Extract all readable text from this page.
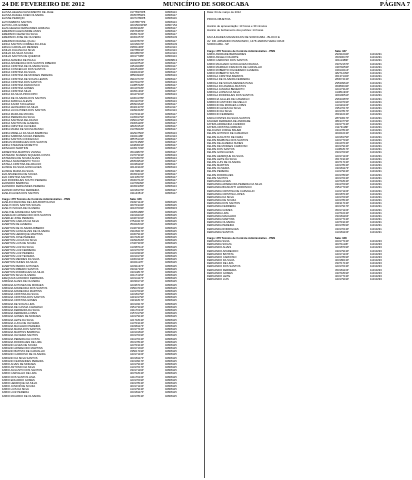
24 DE FEVEREIRO DE 2012	MUNICÍPIO DE SOROCABA	PÁGINA 7
ELISSA HELENA NASCIMENTO DE JAGE	31778376P8	02808113
ELISSA RAFAEL KOEN OLIVEIRA	45357859P4	02808117
ELISSE PEDRQIO	40374780P8	02808119
ELTONABRITA SANTOS	41678577P9	02808113
ELTON LUIS GOMES	46315003P3P	02807154
ELZA HELENA FERNANDES ADRIANA	46451918P	02808117
EMERSON ALEXANDRE ASSIS	33676387P	02808117
EMERSON CEZAR DA SILVA	45351710P	02808117
EMERSON JOSE DE OLIVEIRA	40301057P	02808133
EMERSON RAFAEL QUALI	42347837P	02808117
ERICA SANTOS CORREA ZULIOLE	42316647P	02808133
EMILIA CARVALHO MENDES	33651138P	02813113
ENILVA JULIANA DA SILVA	43378519P	02813113
ENILVA DA SILVA SOUZA	46318576P	02813113
ENILVA SANTOS DE QUEIROZ	46017738P	02809113
ERICA AMANDA DE PAULA	33493157P	02808813
ERICA APARECIDA DOS SANTOS RIBEIRO	42319751P	02808117
ERICA CRISTINA DE OLIVEIRA SILVA	43519238P	02809117
ERICA CONCEICAO DOS SANTOS	40105106P	02810117
ERICA CRISTINA DA SILVA	43401019P	02808117
ERICA CRISTINA DE MORAES PEREIRA	38504940P	02808113
ERICA CRISTINA DE SOUZA LEMOS	39103747P	02808117
ERICA CRISTINA DOS SANTOS	40379137P	02808113
ERICA CRISTINA FRANCISCO	41385718P	02808117
ERICA CRISTINA GOMES	40419718P	02808117
ERICA CRISTINA SILVA	40351139P	02808117
ERICA DA SILVA PROCOPIO	40447331P	02808113
ERICA DE OLIVEIRA DOS SANTOS	42304178P	02808113
ERICA FABIOLA ALEVIN	45311079P	02808113
ERICA KAORI TAKAHASHI	28393164P	02808117
ERICA LEONARDO DA SILVA	30401337P	02813117
ERICA LUCIA PIRES DOS SANTOS	43391618P	02813113
ERICA MARA DE MOURA	31371913P	02808117
ERICA PEREIRA DA SILVA	41459179P	02813117
ERICA SANTANA FELICIANO	33504179P	02808113
ERICA SANTOS DE ALMEIDA	33306118P	02808117
ERIKA CRISTINA OLIVEIRA	48183151P	02808117
ERIKA MARIA DE SOUSA BASSO	31378218P	02808117
ERIKA MIRELLA DA SILVA BARBOSA	40294750P	02808113
ERIKA SABRINA SOUZA PEREIRA	43321118P	02813113
ERIKA SANTOS CONCEICAO	38575131P	02808117
ERIKAS RODRIGUES DOS SANTOS	40371358P	02808117
ERIKA STEFANIE MORETTO	42483019P	02808117
ERIVALDO MARTINS	42451733P	02808117
ERNESTINA MARTINS VIANNA	45419837P	02808117
ESTEFANI SOARES SIQUEIRA COSTA	31707319P	02808113
ESTEFANIA DE SOUZA ALVES	31704537P	02808113
ESTELA NASCIMENTO TUCCI	28354951P	02808117
ESTELA CRISTINA DE ARAUJO	32438119P	02808117
EUNICE DA SILVA GONCALVES	46141916P	02808113
EUNICE MARIA DA SILVA	43179813P	02808117
EVA APARECIDA DE SOUZA	30451931P	02808117
EVA CRISTINA SANTOS	42133537P	02808117
EVA RODRIGUES SOUTO PEREIRA	45303712P	02808117
EVANDRO BARBOSA	41370939P	02808117
EVANDRO FERNANDES PEREIRA	40451935P	02808113
EVANIR CRISTINA FERREIRA	42318137P	02808117
EVELIN ALVES DOS SANTOS	43114351P	02808117
Cargo: 376 Técnico de Controle Administrativo - PMS	Sala: 346
EVELIN FRANCINE DE LIMA BORTOLOSO	33497114P	02808115
EVELYN DOS SANTOS SOUZA	46371934P	02808115
EVELYN SOUZA DE OLIVEIRA	40167003P	02808315
EVELYNE APARECIDA SANTOS	43356188P	02808115
EVERALDO APARECIDO DOS SANTOS	43319431P	02808115
EVERLEI JOSE PEREIRA	42467431P	02808115
EVERTON CARLOS DA SILVA	37543417P	02808115
EVERTON DE ALMEIDA	35321831P	02808115
EVERTON DE OLIVEIRA RIBEIRO	31467319P	02808115
EVERTON GONCALVES DE OLIVEIRA	33108417P	02808115
EVERTON HENRIQUE MARTINS	32307913P	02808115
EVERTON JOSE PEREIRA	40471813P	02808115
EVERTON LUCAS DA SILVA	43391818P	02808115
EVERTON LUIS DE SOUZA	47467315P	02808115
EVERTON LUIZ DA SILVA	41338711P	02808115
EVERTON LUIZ FERREIRA	42317037P	02808115
EVERTON LUIZ PEREIRA	41310319P	02808115
EVERTON LUIZ TEIXEIRA	32310173P	02808115
EVERTON MENDES DA SILVA	44303113P	02808115
EVERTON NUNES DA SILVA	40321117P	02808115
EVERTON PEDRO ANTUNES	42331137P	02808115
EVERTON RIBEIRO SANTOS	33311719P	02808115
EVERTON RODRIGUES DA SILVA	43314817P	02808115
EVERTON SILVA OLIVEIRA	32117415P	02808115
EZEQUIAS HONORIO FERREIRA	42314117P	02808115
FABIANA ALVES DE OLIVEIRA	40339171P	02808115
FABIANA ANTUNES DE MORAES	42436713P	02808115
FABIANA APARECIDA DOS SANTOS	33504719P	02808115
FABIANA APARECIDA MARTINS	41317019P	02808115
FABIANA CRISTINA DA SILVA	44318179P	02808115
FABIANA CRISTINA DOS SANTOS	44193179P	02808115
FABIANA CRISTINA GOMES	43191817P	02808115
FABIANA DE SOUZA LIMA	40310317P	02808115
FABIANA DE CASSIA CAMARGO	33517319P	02808115
FABIANA FERREIRA DA SILVA	43117013P	02808115
FABIANA FERREIRA LOPES	31573179P	02808115
FABIANA GOMES DE MORAES	44317913P	02808115
FABIANA LEITE DA SILVA	42171813P	02808115
FABIANA LUCIA DE OLIVEIRA	41371913P	02808115
FABIANA MACHADO PEREIRA	43338117P	02808115
FABIANA MARIA DOS SANTOS	40317713P	02808115
FABIANA MARTINS BARBOSA	44310181P	02808115
FABIANA OLIVEIRA SANTOS	32317019P	02808115
FABIANA PEREIRA DA COSTA	43417013P	02808115
FABIANA RODRIGUES DE LIMA	45317813P	02808115
FABIANO ALVES DE SOUZA	42371913P	02808115
FABIANO APARECIDO MARTINS	40317191P	02808115
FABIANO BATISTA DE CARVALHO	33501719P	02808115
FABIANO CARDOSO DE OLIVEIRA	44317113P	02808115
FABIANO DA SILVA SANTOS	40318117P	02808115
FABIANO FERNANDES PEREIRA	43310917P	02808115
FABIO ALVES DE MORAES	42317913P	02808115
FABIO ANTONIO DA SILVA	41317017P	02808115
FABIO AUGUSTO DOS SANTOS	33317119P	02808115
FABIO CARVALHO DE LIMA	40371813P	02808115
FABIO DOS SANTOS LIMA	44117913P	02808115
FABIO EDUARDO GOMES	42317019P	02808115
FABIO HENRIQUE DA SILVA	43317813P	02808115
FABIO JUNIOR DE SOUZA	40317113P	02808115
FABIO LUIS DA SILVA	41317913P	02808115
FABIO LUIZ PEREIRA	32318117P	02808115
FABIO RICARDO DE OLIVEIRA	44317813P	02808115
Data: 04 de março de 2012
PROVA OBJETIVA
Horário de apresentação: 13 horas e 30 minutos
Horário de fechamento dos portões: 14 horas
FACULDADES MANANCIAIS DE SOROCABA - BLOCO E
AV. DR. ARMANDO PANNUNZIO, 1478 JARDIM VERA CRUZ
SOROCABA - SP
Cargo: 376 Técnico de Controle Administrativo - PMS	Sala: 347
FABIO ANDRADE BERNARDES	29331004P	11010291
FABIO ANGELO DUARTE	45330047P	11010291
FABIO CARDOSO DOS SANTOS	40111389P	11010291
FABIO MACHADO GONCALVES FRANCA	33372167P	11010291
FABIO MARINHO FRANCOS DE CARVALHO	43979253P	11010291
FABIO ROBERTO FIGUEIREDO ALMEIDA	34913211P	11010291
FABIO ROBERTO SOUTO	48271239P	11010291
FABIOLA CRISTINA BARROS	36137132P	11010291
FABIOLA DE OLIVEIRA FERREIRA	28307413P	11010291
FABIOLA DE SOUZA MENDES PAIVA	29530961P	11010291
FABIOLA DO AMARAL BASTOS	36380043P	11010291
FABIOLA JANAINA BENEDITO	42417312P	11010291
FABIOLA LOPES DA SILVA	41381193P	11010291
FABIOLA RODRIGUES DOS SANTOS	40919051P	11010291
FABRICIA GALLES DE CAMARGO	29633487P	11010291
FABRICIO ANTONIO DE MELLO	44310719P	11010291
FABRICIO DE MORAES LOPES	41311913P	11010291
FABRICIO ALVES DA SILVA	33517017P	11010291
FABRICIO DA SILVA	40317817P	11010291
FABRICIO FERREIRA	45191013P	11010291
FADIA FONTES DA SILVA SANTOS	28733617P	11010291
FAGNER FERREIRA DE ANDRADE	38194773P	11010291
FATIMA APARECIDA CANDIDO	43317713P	11010291
FATIMA CRISTINA URBANO	31173118P	11010291
FELICIANO JORGE BAUER	43417813P	11010291
FELIPE ANTONIO DE CAMARGO	40321013P	11010291
FELIPE AUGUSTO DE FARIA	42318179P	11010291
FELIPE BARBOSA DOS SANTOS	44317719P	11010291
FELIPE DE ALMEIDA NUNES	43419713P	11010291
FELIPE DE MORAES CARDOSO	40317913P	11010291
FELIPE DOS SANTOS	41381817P	11010291
FELIPE GONCALVES	33317019P	11010291
FELIPE HENRIQUE DA SILVA	42317113P	11010291
FELIPE LEITE DA SILVA	45171913P	11010291
FELIPE LUIS DE OLIVEIRA	40371713P	11010291
FELIPE MARTINS	44317813P	11010291
FELIPE OLIVEIRA	43318117P	11010291
FELIPE PEREIRA	41317913P	11010291
FELIPE RODRIGUES	32317819P	11010291
FELIPE SANTOS	40317013P	11010291
FERNANDA ALVES	42371813P	11010291
FERNANDA APARECIDA PEREIRA DA SILVA	43417019P	11010291
FERNANDA BIANCATTI HORONICO	33517719P	11010291
FERNANDA CRISTINA DE CARVALHO	41317113P	11010291
FERNANDA CRISTINA LOPES	40318713P	11010291
FERNANDA DA SILVA	44317019P	11010291
FERNANDA DE SOUZA	42317813P	11010291
FERNANDA DOS SANTOS	43191713P	11010291
FERNANDA FERREIRA	40317917P	11010291
FERNANDA GOMES	45317113P	11010291
FERNANDA LIMA	41371013P	11010291
FERNANDA MACHADO	33318119P	11010291
FERNANDA MARTINS	42317713P	11010291
FERNANDA OLIVEIRA	44371913P	11010291
FERNANDA PEREIRA	40317819P	11010291
FERNANDA RODRIGUES	43317013P	11010291
FERNANDA SANTOS	41318113P	11010291
Cargo: 376 Técnico de Controle Administrativo - PMS	Sala: 348
FERNANDA SILVA	32317713P	11010293
FERNANDA SOUZA	40371113P	11010293
FERNANDO ALVES	42318719P	11010293
FERNANDO APARECIDO	43317913P	11010293
FERNANDO BATISTA	44317113P	11010293
FERNANDO CARDOSO	41317819P	11010293
FERNANDO DA SILVA	40318013P	11010293
FERNANDO DE LIMA	33371713P	11010293
FERNANDO DOS SANTOS	42317013P	11010293
FERNANDO FERREIRA	45318113P	11010293
FERNANDO GOMES	43371819P	11010293
FERNANDO LEITE	40317713P	11010293
FERNANDO LUIS	44317919P	11010293
